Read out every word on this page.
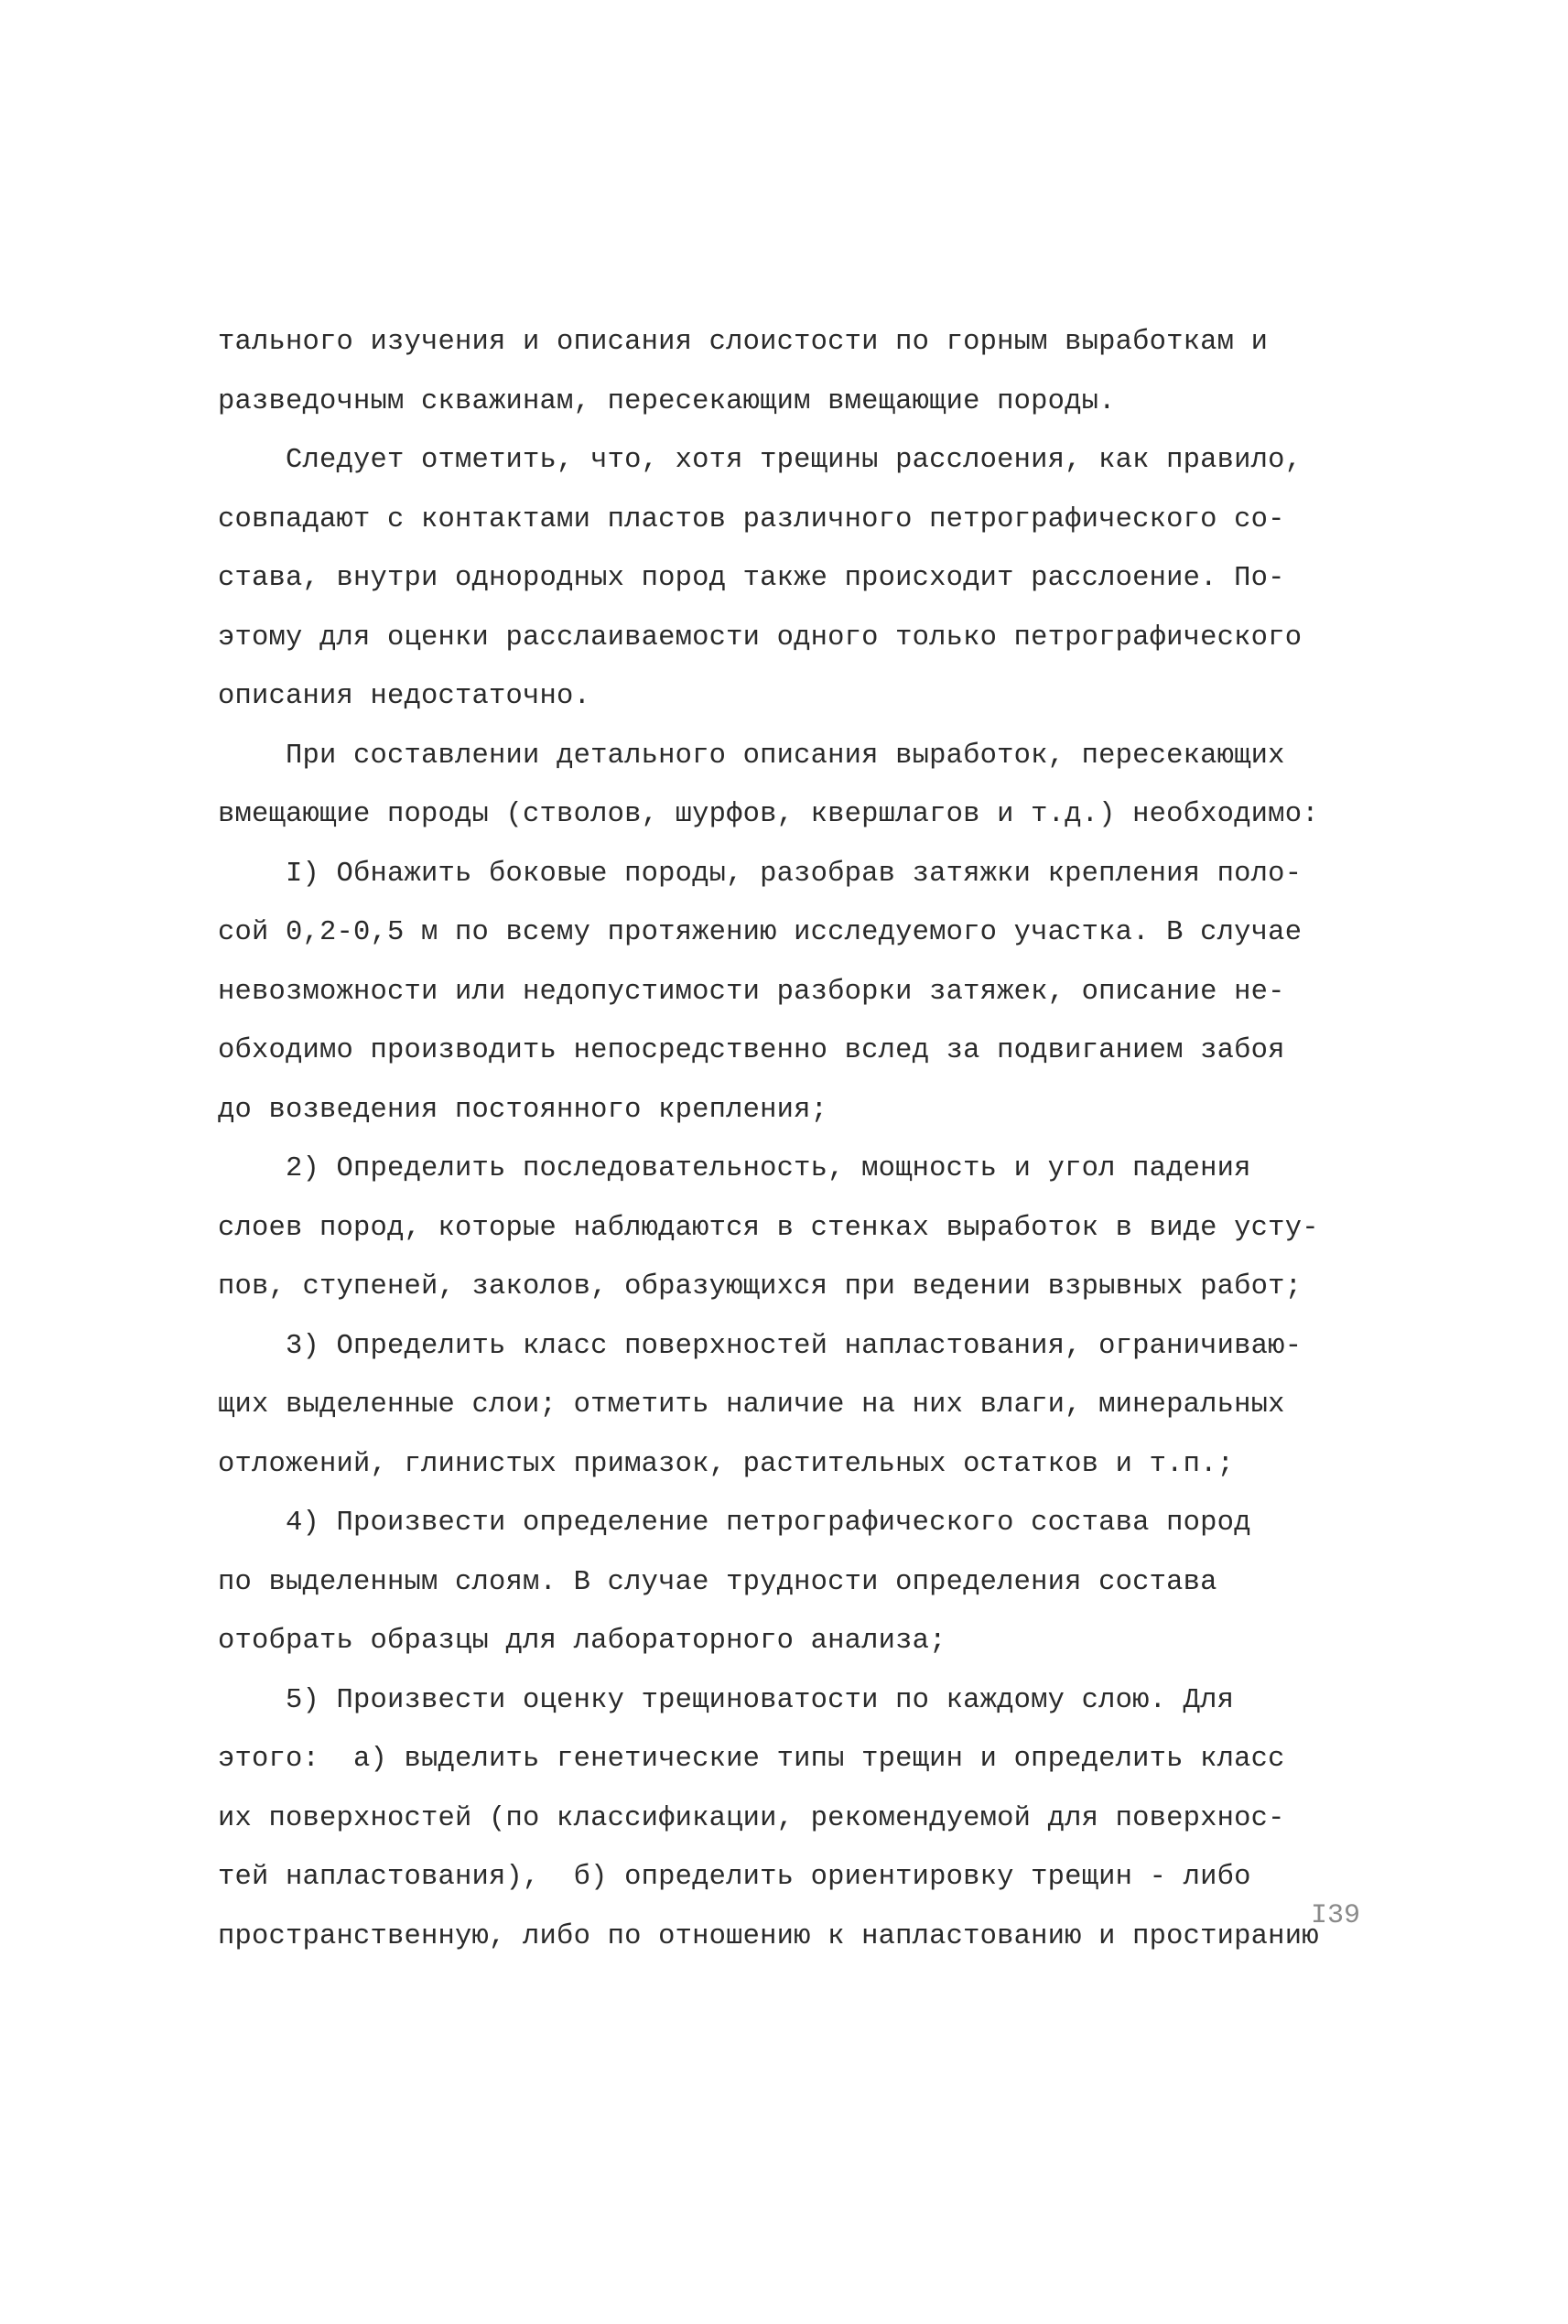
тального изучения и описания слоистости по горным выработкам и
разведочным скважинам, пересекающим вмещающие породы.
Следует отметить, что, хотя трещины расслоения, как правило,
совпадают с контактами пластов различного петрографического со-
става, внутри однородных пород также происходит расслоение. По-
этому для оценки расслаиваемости одного только петрографического
описания недостаточно.
При составлении детального описания выработок, пересекающих
вмещающие породы (стволов, шурфов, квершлагов и т.д.) необходимо:
I) Обнажить боковые породы, разобрав затяжки крепления поло-
сой 0,2-0,5 м по всему протяжению исследуемого участка. В случае
невозможности или недопустимости разборки затяжек, описание не-
обходимо производить непосредственно вслед за подвиганием забоя
до возведения постоянного крепления;
2) Определить последовательность, мощность и угол падения
слоев пород, которые наблюдаются в стенках выработок в виде усту-
пов, ступеней, заколов, образующихся при ведении взрывных работ;
3) Определить класс поверхностей напластования, ограничиваю-
щих выделенные слои; отметить наличие на них влаги, минеральных
отложений, глинистых примазок, растительных остатков и т.п.;
4) Произвести определение петрографического состава пород
по выделенным слоям. В случае трудности определения состава
отобрать образцы для лабораторного анализа;
5) Произвести оценку трещиноватости по каждому слою. Для
этого:  а) выделить генетические типы трещин и определить класс
их поверхностей (по классификации, рекомендуемой для поверхнос-
тей напластования),  б) определить ориентировку трещин - либо
пространственную, либо по отношению к напластованию и простиранию
I39
